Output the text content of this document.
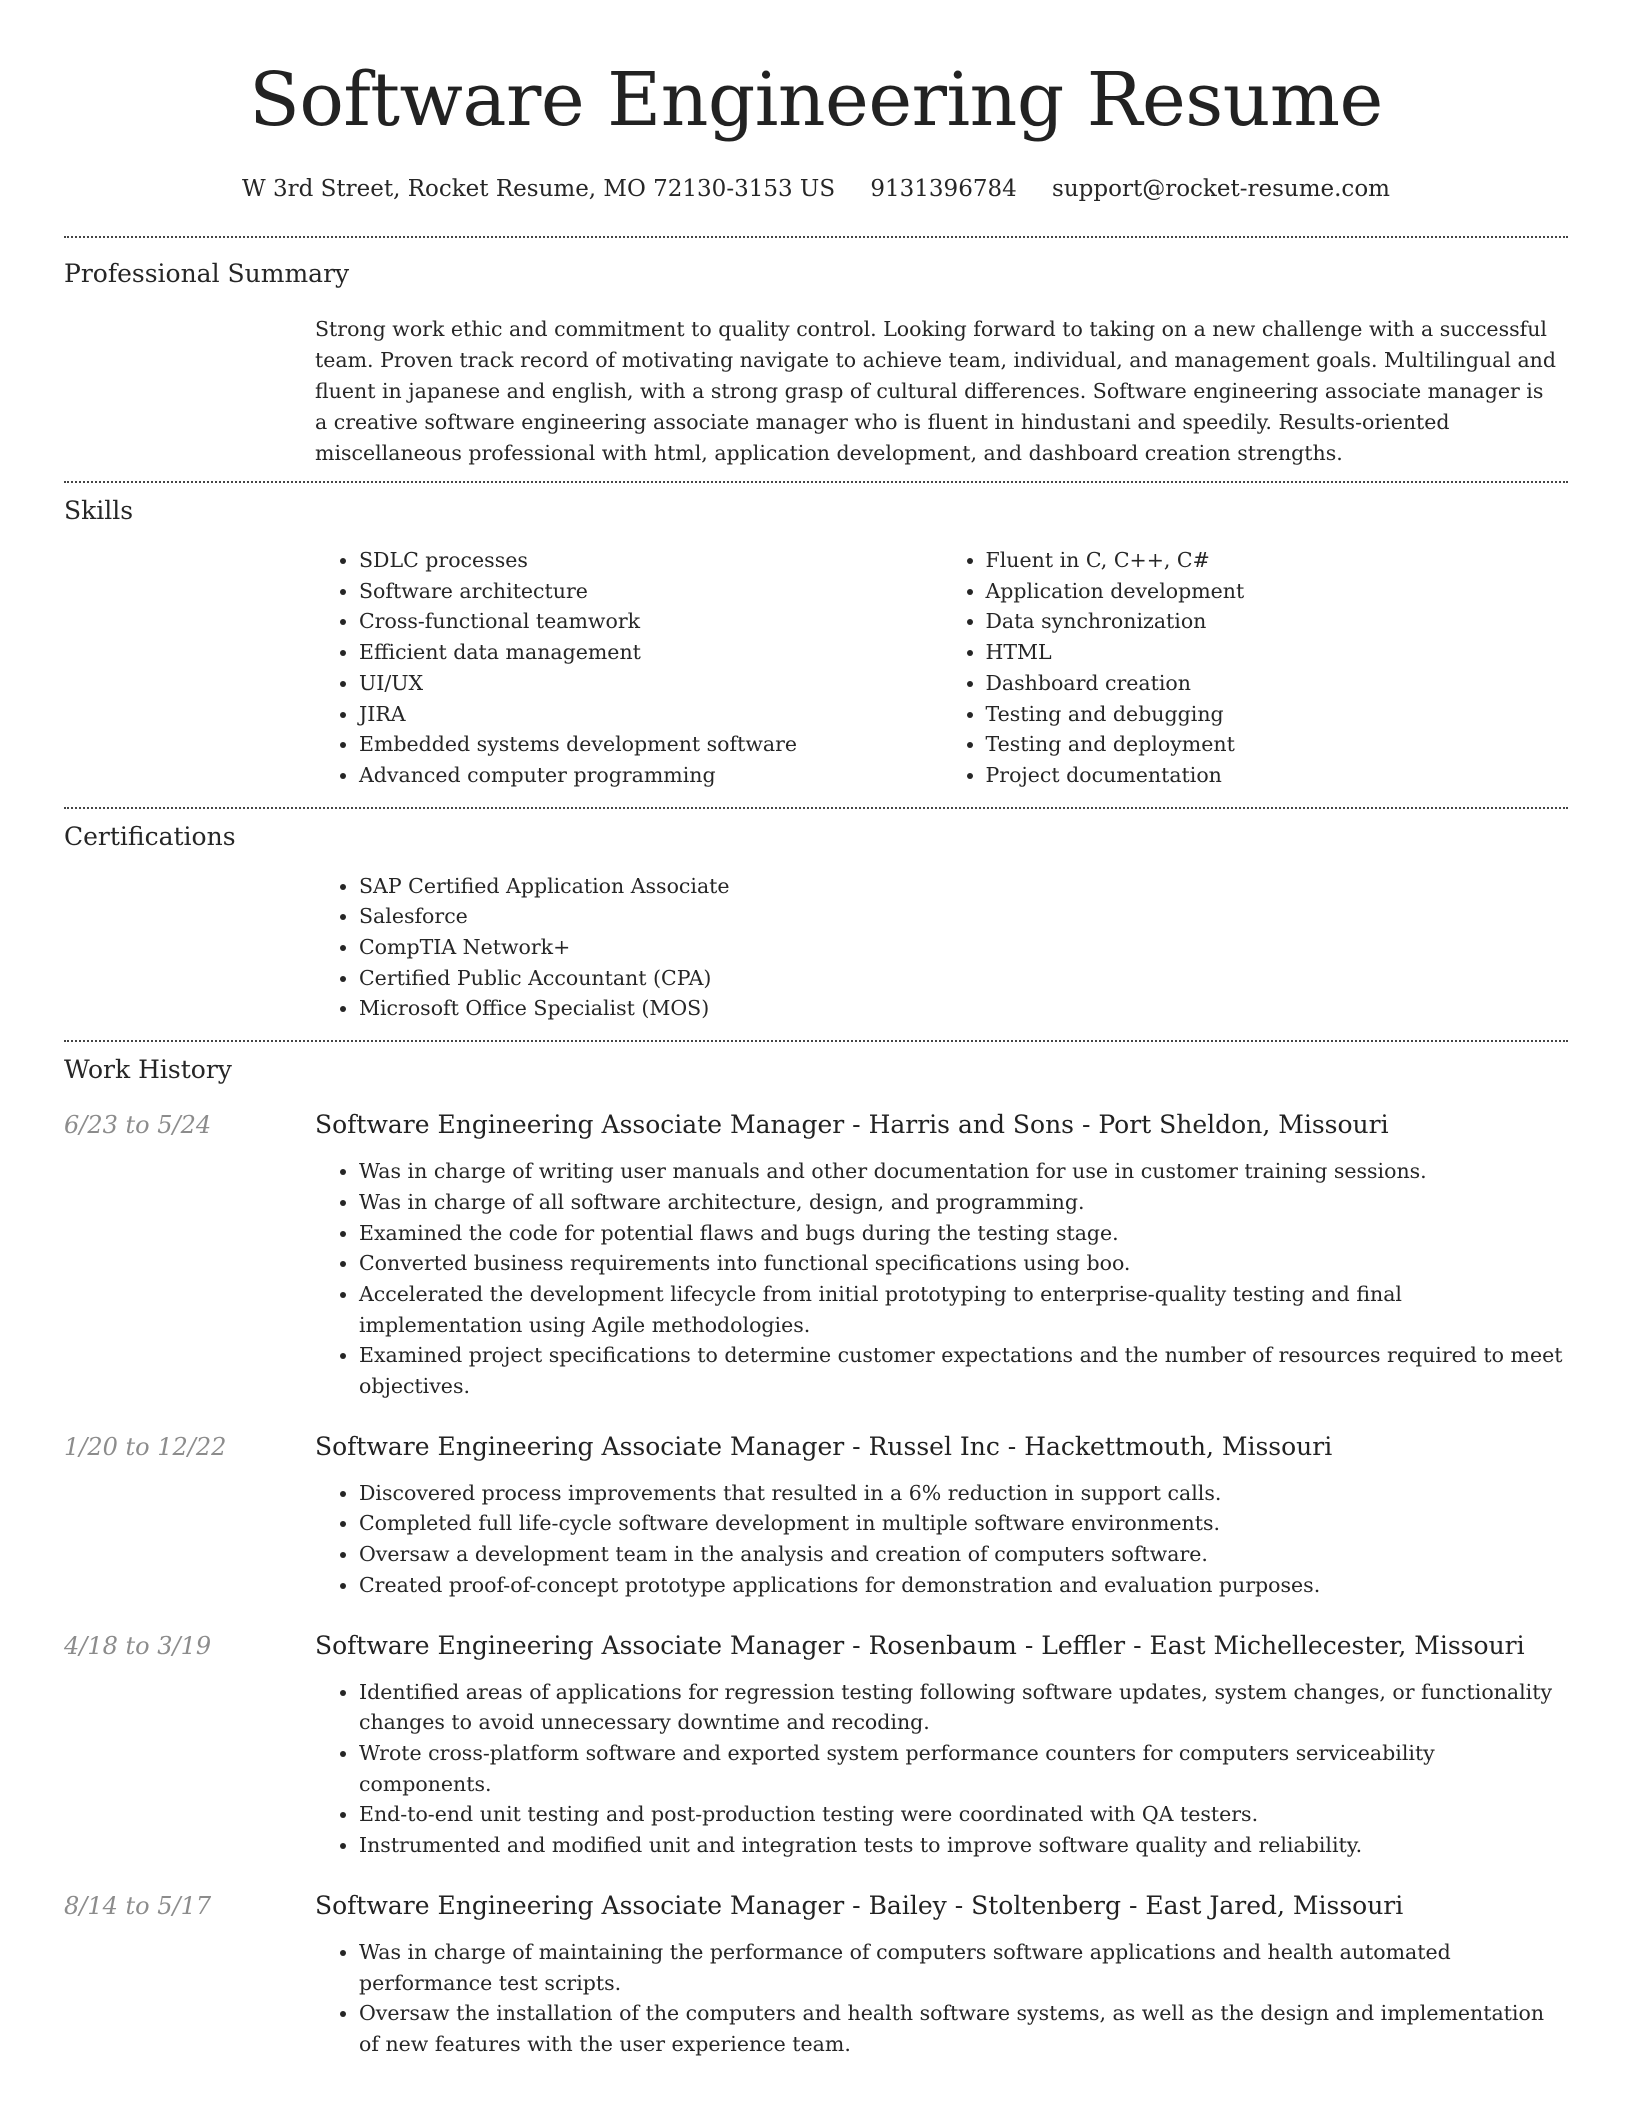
Software Engineering Resume
W 3rd Street, Rocket Resume, MO 72130-3153 US 9131396784 support@rocket-resume.com
Professional Summary

Strong work ethic and commitment to quality control. Looking forward to taking on a new challenge with a successful team. Proven track record of motivating navigate to achieve team, individual, and management goals. Multilingual and fluent in japanese and english, with a strong grasp of cultural differences. Software engineering associate manager is a creative software engineering associate manager who is fluent in hindustani and speedily. Results-oriented miscellaneous professional with html, application development, and dashboard creation strengths.

Skills
• SDLC processes
• Software architecture
• Cross-functional teamwork
• Efficient data management
• UI/UX
• JIRA
• Embedded systems development software
• Advanced computer programming
• Fluent in C, C++, C#
• Application development
• Data synchronization
• HTML
• Dashboard creation
• Testing and debugging
• Testing and deployment
• Project documentation
Certifications
• SAP Certified Application Associate
• Salesforce
• CompTIA Network+
• Certified Public Accountant (CPA)
• Microsoft Office Specialist (MOS)
Work History
6/23 to 5/24	Software Engineering Associate Manager - Harris and Sons - Port Sheldon, Missouri
• Was in charge of writing user manuals and other documentation for use in customer training sessions.
• Was in charge of all software architecture, design, and programming.
• Examined the code for potential flaws and bugs during the testing stage.
• Converted business requirements into functional specifications using boo.
• Accelerated the development lifecycle from initial prototyping to enterprise-quality testing and final implementation using Agile methodologies.
• Examined project specifications to determine customer expectations and the number of resources required to meet objectives.
1/20 to 12/22	Software Engineering Associate Manager - Russel Inc - Hackettmouth, Missouri
• Discovered process improvements that resulted in a 6% reduction in support calls.
• Completed full life-cycle software development in multiple software environments.
• Oversaw a development team in the analysis and creation of computers software.
• Created proof-of-concept prototype applications for demonstration and evaluation purposes.
4/18 to 3/19	Software Engineering Associate Manager - Rosenbaum - Leffler - East Michellecester, Missouri
• Identified areas of applications for regression testing following software updates, system changes, or functionality changes to avoid unnecessary downtime and recoding.
• Wrote cross-platform software and exported system performance counters for computers serviceability components.
• End-to-end unit testing and post-production testing were coordinated with QA testers.
• Instrumented and modified unit and integration tests to improve software quality and reliability.
8/14 to 5/17	Software Engineering Associate Manager - Bailey - Stoltenberg - East Jared, Missouri
• Was in charge of maintaining the performance of computers software applications and health automated performance test scripts.
• Oversaw the installation of the computers and health software systems, as well as the design and implementation of new features with the user experience team.
